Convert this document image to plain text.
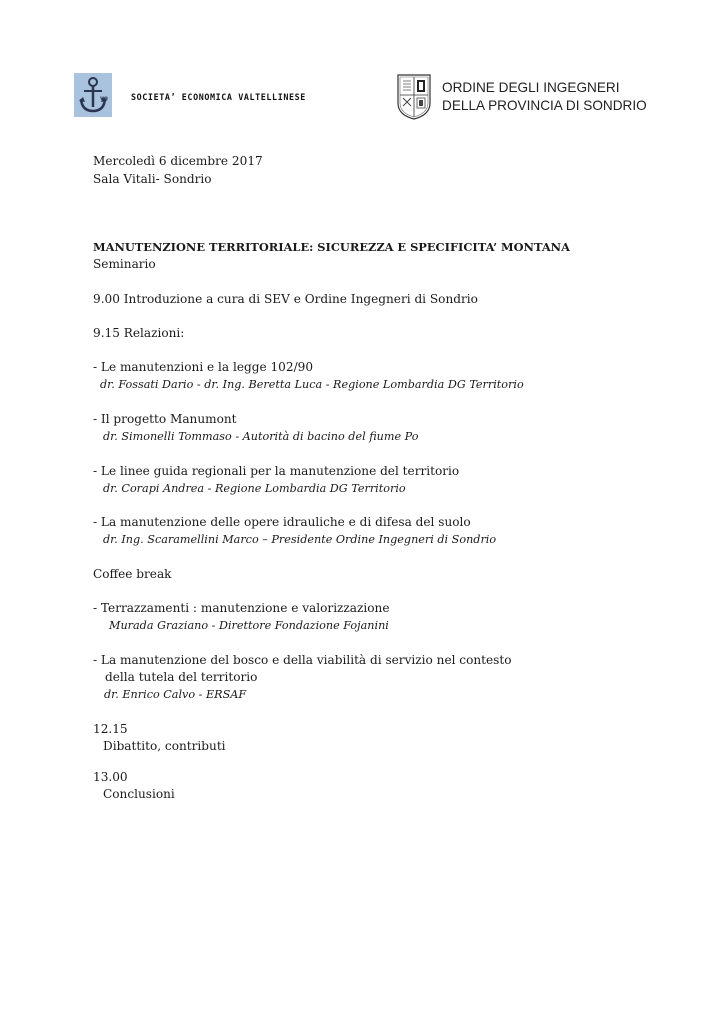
ve	SOCIETA’ ECONOMICA VALTELLINESE
ORDINE DEGLI INGEGNERI
DELLA PROVINCIA DI SONDRIO
Mercoledì 6 dicembre 2017
Sala Vitali- Sondrio
MANUTENZIONE TERRITORIALE: SICUREZZA E SPECIFICITA’ MONTANA
Seminario
9.00 Introduzione a cura di SEV e Ordine Ingegneri di Sondrio
9.15 Relazioni:
- Le manutenzioni e la legge 102/90
dr. Fossati Dario - dr. Ing. Beretta Luca - Regione Lombardia DG Territorio
- Il progetto Manumont
dr. Simonelli Tommaso - Autorità di bacino del fiume Po
- Le linee guida regionali per la manutenzione del territorio
dr. Corapi Andrea - Regione Lombardia DG Territorio
- La manutenzione delle opere idrauliche e di difesa del suolo
dr. Ing. Scaramellini Marco – Presidente Ordine Ingegneri di Sondrio
Coffee break
- Terrazzamenti : manutenzione e valorizzazione
Murada Graziano - Direttore Fondazione Fojanini
- La manutenzione del bosco e della viabilità di servizio nel contesto
della tutela del territorio
dr. Enrico Calvo - ERSAF
12.15
Dibattito, contributi
13.00
Conclusioni
